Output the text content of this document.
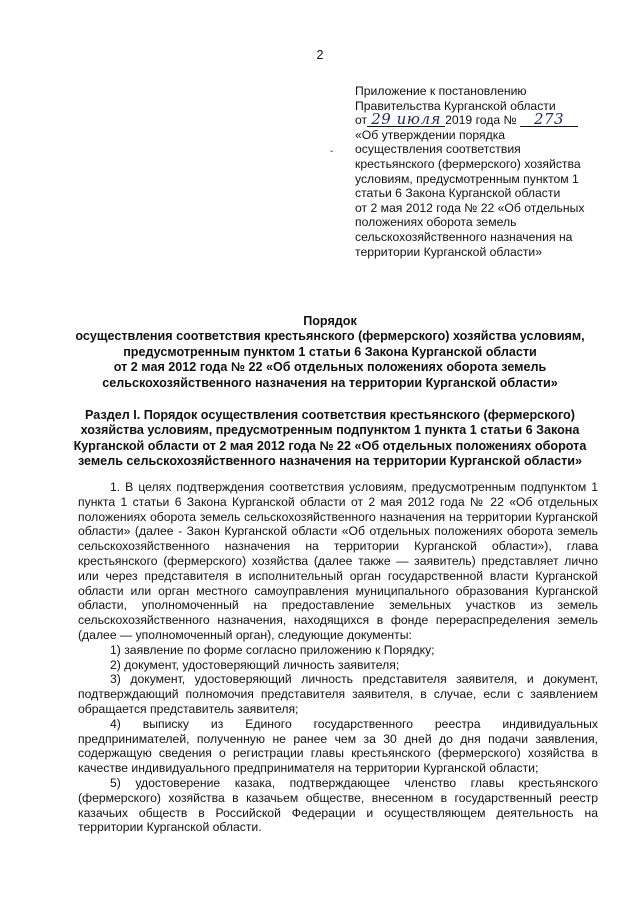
2
ˇ
Приложение к постановлению
Правительства Курганской области
от 29 июля 2019 года № 273
«Об утверждении порядка
осуществления соответствия
крестьянского (фермерского) хозяйства
условиям, предусмотренным пунктом 1
статьи 6 Закона Курганской области
от 2 мая 2012 года № 22 «Об отдельных
положениях оборота земель
сельскохозяйственного назначения на
территории Курганской области»
Порядок
осуществления соответствия крестьянского (фермерского) хозяйства условиям,
предусмотренным пунктом 1 статьи 6 Закона Курганской области
от 2 мая 2012 года № 22 «Об отдельных положениях оборота земель
сельскохозяйственного назначения на территории Курганской области»
Раздел I. Порядок осуществления соответствия крестьянского (фермерского)
хозяйства условиям, предусмотренным подпунктом 1 пункта 1 статьи 6 Закона
Курганской области от 2 мая 2012 года № 22 «Об отдельных положениях оборота
земель сельскохозяйственного назначения на территории Курганской области»

1. В целях подтверждения соответствия условиям, предусмотренным подпунктом 1 пункта 1 статьи 6 Закона Курганской области от 2 мая 2012 года № 22 «Об отдельных положениях оборота земель сельскохозяйственного назначения на территории Курганской области» (далее - Закон Курганской области «Об отдельных положениях оборота земель сельскохозяйственного назначения на территории Курганской области»), глава крестьянского (фермерского) хозяйства (далее также — заявитель) представляет лично или через представителя в исполнительный орган государственной власти Курганской области или орган местного самоуправления муниципального образования Курганской области, уполномоченный на предоставление земельных участков из земель сельскохозяйственного назначения, находящихся в фонде перераспределения земель (далее — уполномоченный орган), следующие документы:

1) заявление по форме согласно приложению к Порядку;

2) документ, удостоверяющий личность заявителя;

3) документ, удостоверяющий личность представителя заявителя, и документ, подтверждающий полномочия представителя заявителя, в случае, если с заявлением обращается представитель заявителя;

4) выписку из Единого государственного реестра индивидуальных предпринимателей, полученную не ранее чем за 30 дней до дня подачи заявления, содержащую сведения о регистрации главы крестьянского (фермерского) хозяйства в качестве индивидуального предпринимателя на территории Курганской области;

5) удостоверение казака, подтверждающее членство главы крестьянского (фермерского) хозяйства в казачьем обществе, внесенном в государственный реестр казачьих обществ в Российской Федерации и осуществляющем деятельность на территории Курганской области.
